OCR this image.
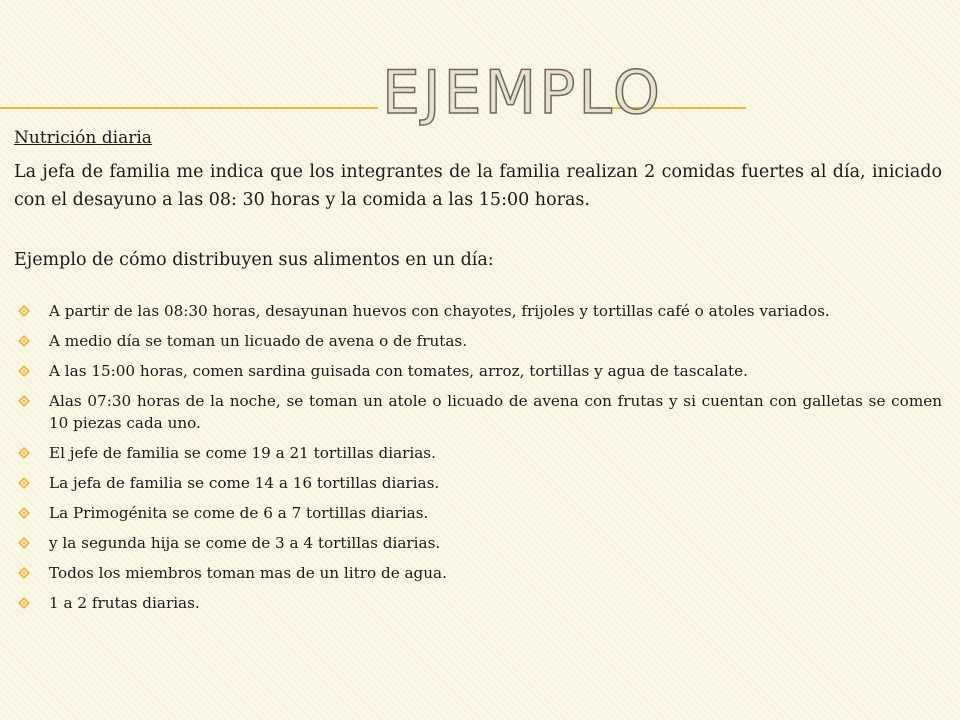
EJEMPLO

Nutrición diaria

La jefa de familia me indica que los integrantes de la familia realizan 2 comidas fuertes al día, iniciado con el desayuno a las 08: 30 horas y la comida a las 15:00 horas.

Ejemplo de cómo distribuyen sus alimentos en un día:

A partir de las 08:30 horas, desayunan huevos con chayotes, frijoles y tortillas café o atoles variados.
A medio día se toman un licuado de avena o de frutas.
A las 15:00 horas, comen sardina guisada con tomates, arroz, tortillas y agua de tascalate.
Alas 07:30 horas de la noche, se toman un atole o licuado de avena con frutas y si cuentan con galletas se comen 10 piezas cada uno.
El jefe de familia se come 19 a 21 tortillas diarias.
La jefa de familia se come 14 a 16 tortillas diarias.
La Primogénita se come de 6 a 7 tortillas diarias.
y la segunda hija se come de 3 a 4 tortillas diarias.
Todos los miembros toman mas de un litro de agua.
1 a 2 frutas diarias.
